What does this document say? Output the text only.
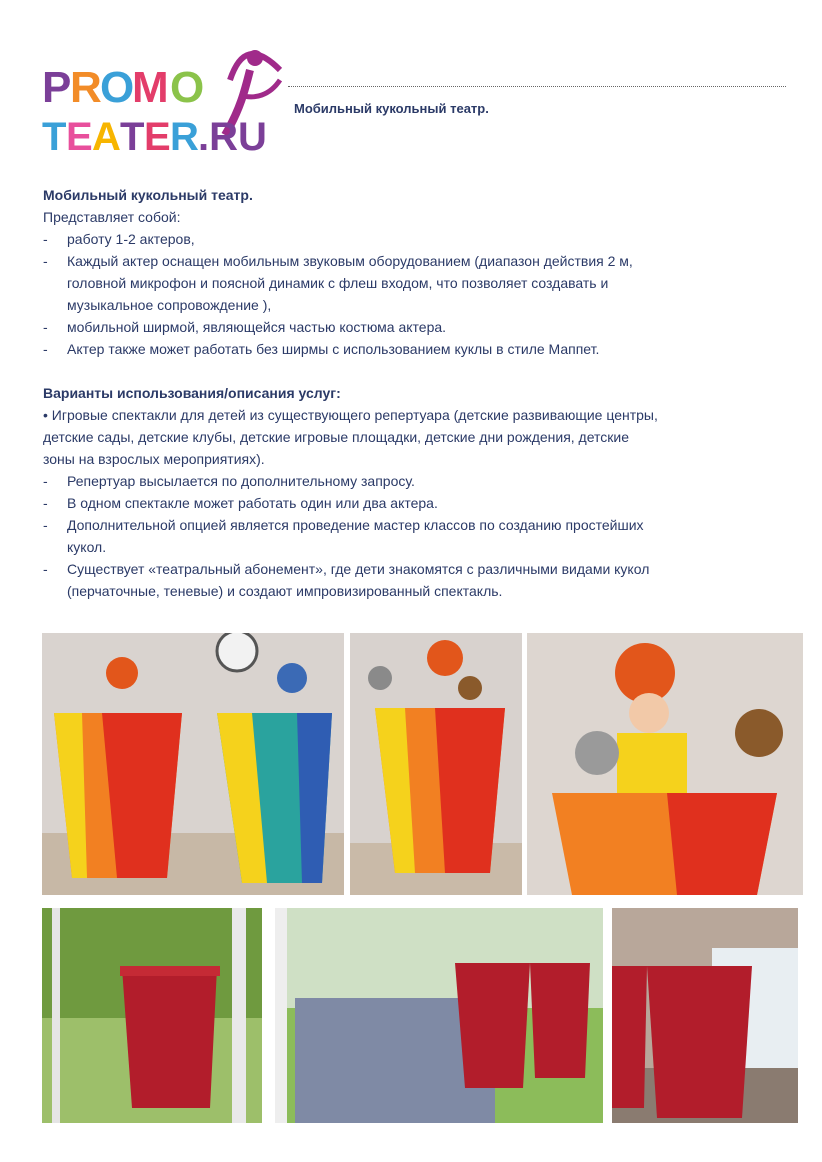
P
R
O
M O
T E A T E R .RU
Мобильный кукольный театр.
Мобильный кукольный театр.
Представляет собой:
- работу 1-2 актеров,
- Каждый актер оснащен мобильным звуковым оборудованием (диапазон действия 2 м,
головной микрофон и поясной динамик с флеш входом, что позволяет создавать и
музыкальное сопровождение ),
- мобильной ширмой, являющейся частью костюма актера.
- Актер также может работать без ширмы с использованием куклы в стиле Маппет.
Варианты использования/описания услуг:
• Игровые спектакли для детей из существующего репертуара (детские развивающие центры,
детские сады, детские клубы, детские игровые площадки, детские дни рождения, детские
зоны на взрослых мероприятиях).
- Репертуар высылается по дополнительному запросу.
- В одном спектакле может работать один или два актера.
- Дополнительной опцией является проведение мастер классов по созданию простейших
кукол.
- Существует «театральный абонемент», где дети знакомятся с различными видами кукол
(перчаточные, теневые) и создают импровизированный спектакль.
